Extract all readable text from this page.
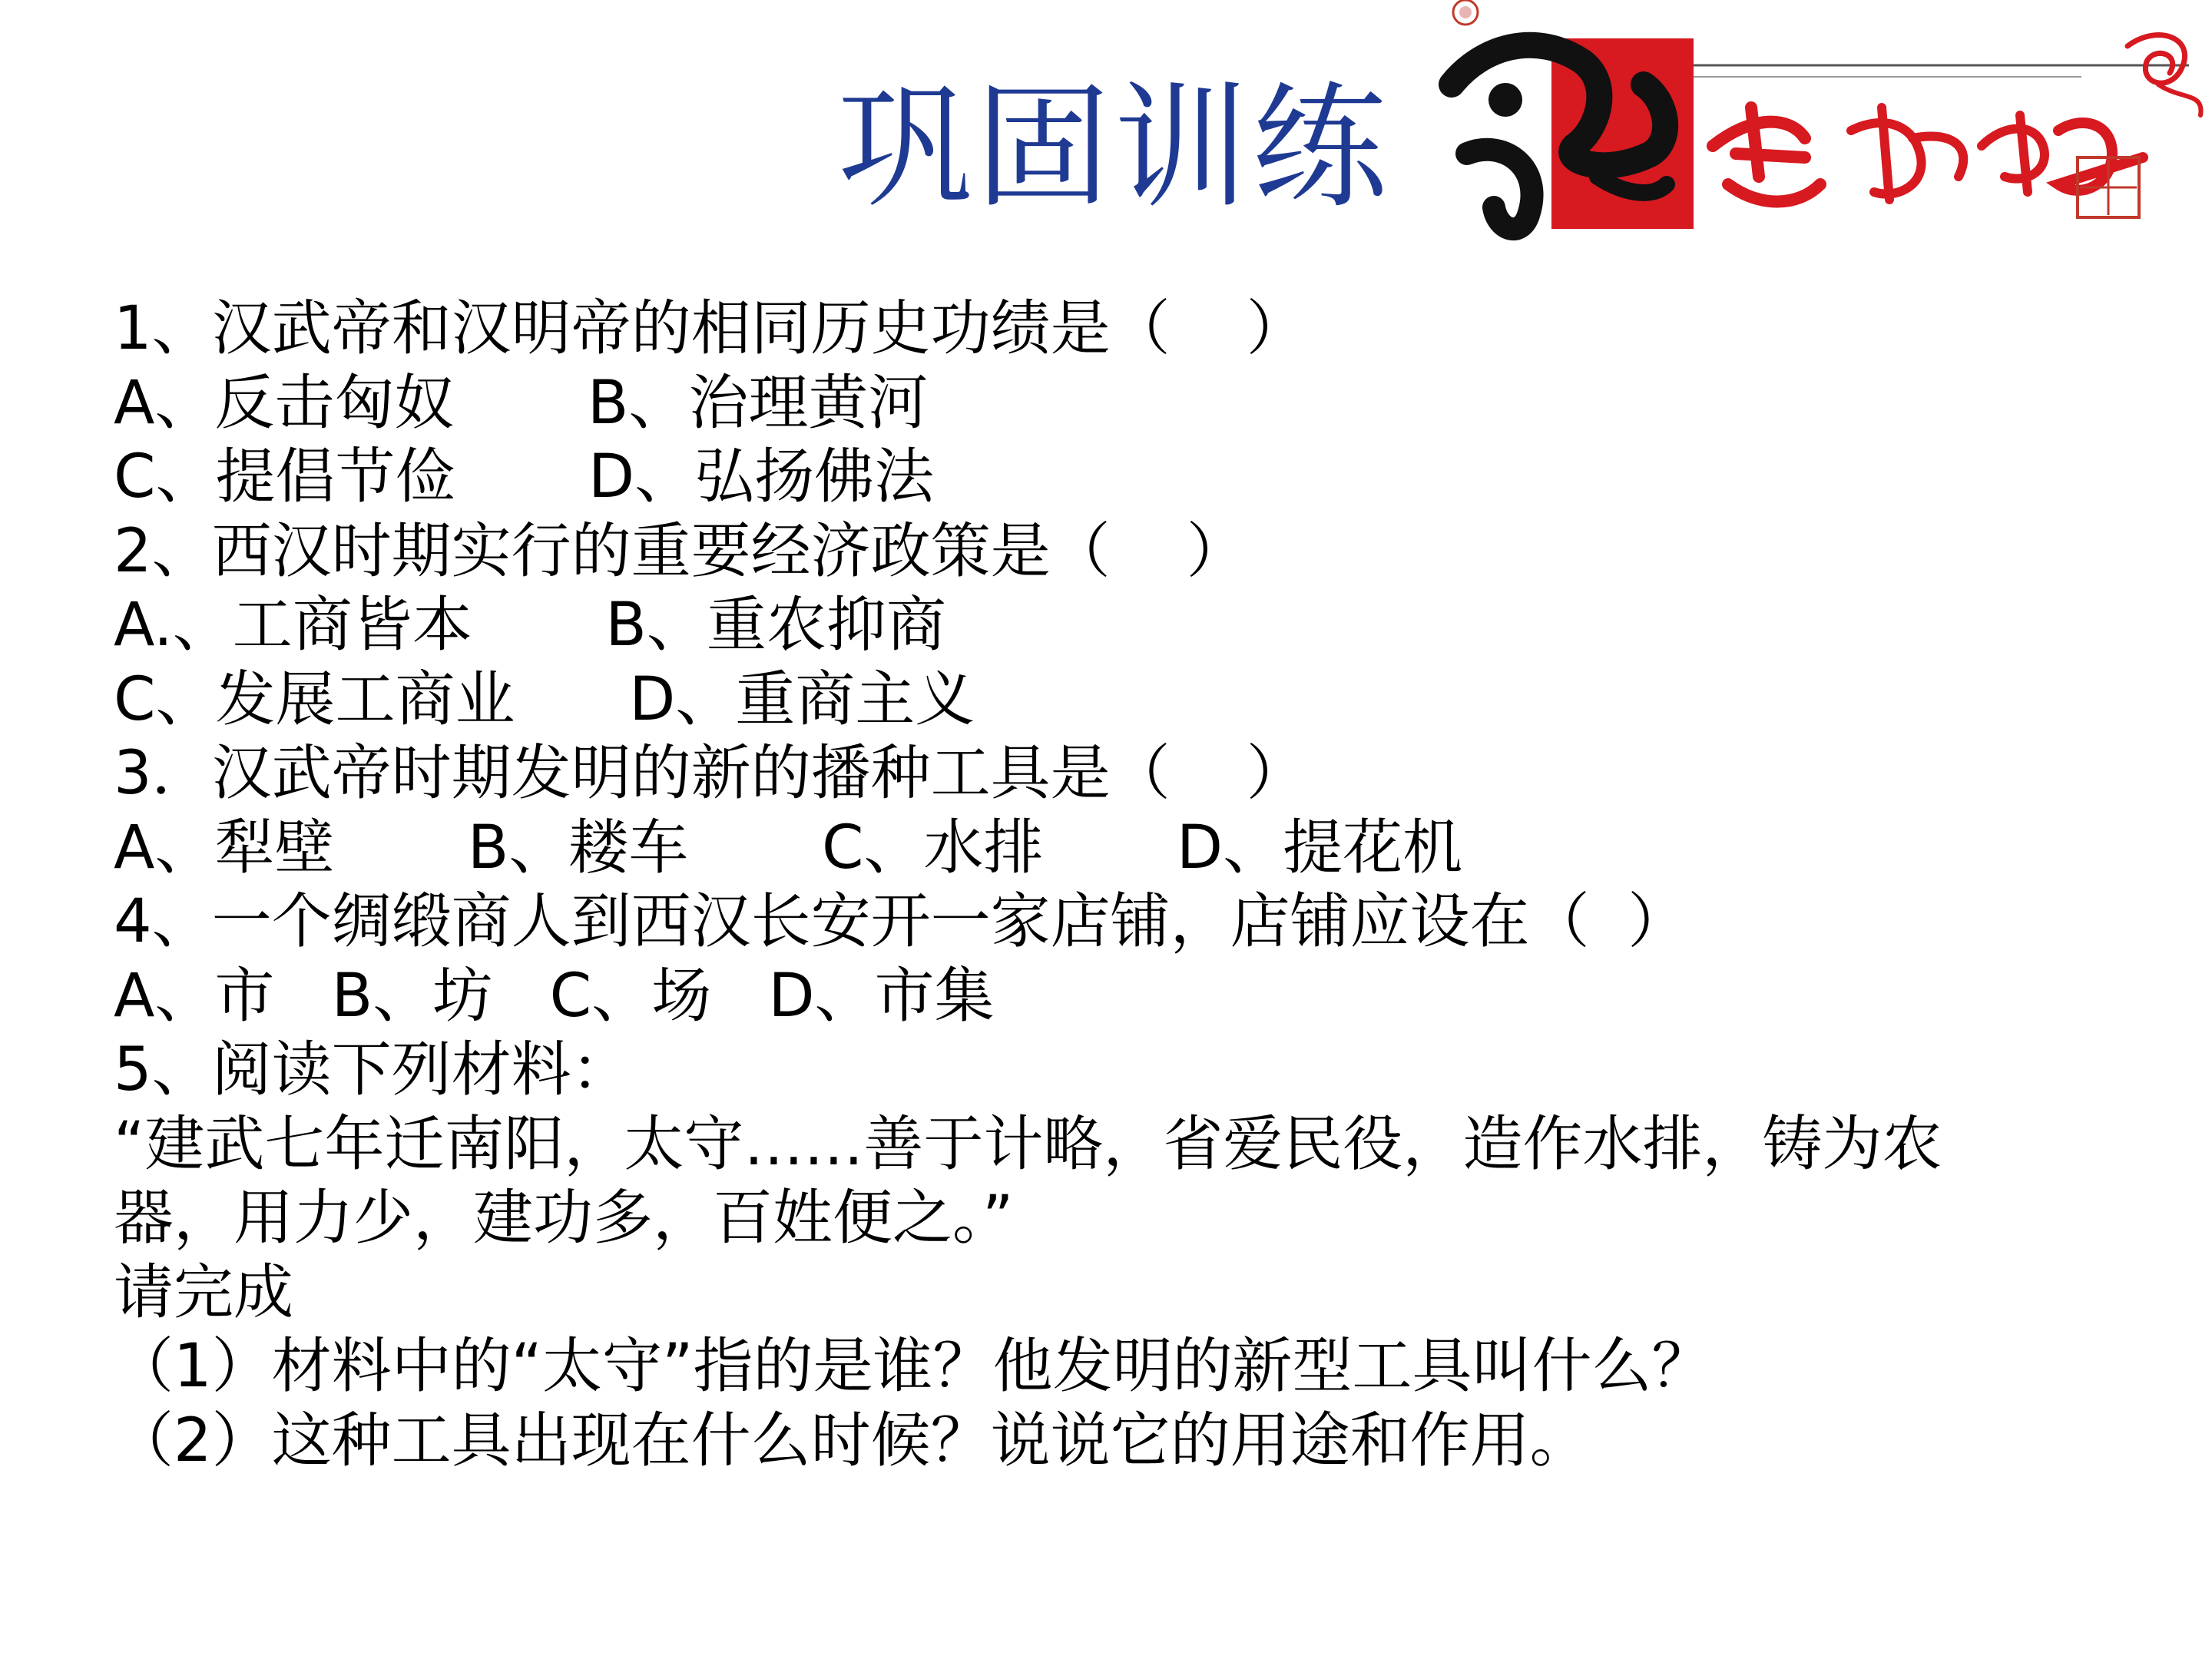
巩固训练
1、汉武帝和汉明帝的相同历史功绩是（    ）
A、反击匈奴       B、治理黄河
C、提倡节俭       D、弘扬佛法
2、西汉时期实行的重要经济政策是（    ）
A.、工商皆本       B、重农抑商
C、发展工商业      D、重商主义
3．汉武帝时期发明的新的播种工具是（    ）
A、犁壁       B、耧车       C、水排       D、提花机
4、一个绸缎商人到西汉长安开一家店铺，店铺应设在（  ）
A、市   B、坊   C、场   D、市集
5、阅读下列材料：
“建武七年迁南阳，太守……善于计略，省爱民役，造作水排，铸为农器，用力少，建功多，百姓便之。”
请完成
（1）材料中的“太守”指的是谁？他发明的新型工具叫什么？
（2）这种工具出现在什么时候？说说它的用途和作用。
